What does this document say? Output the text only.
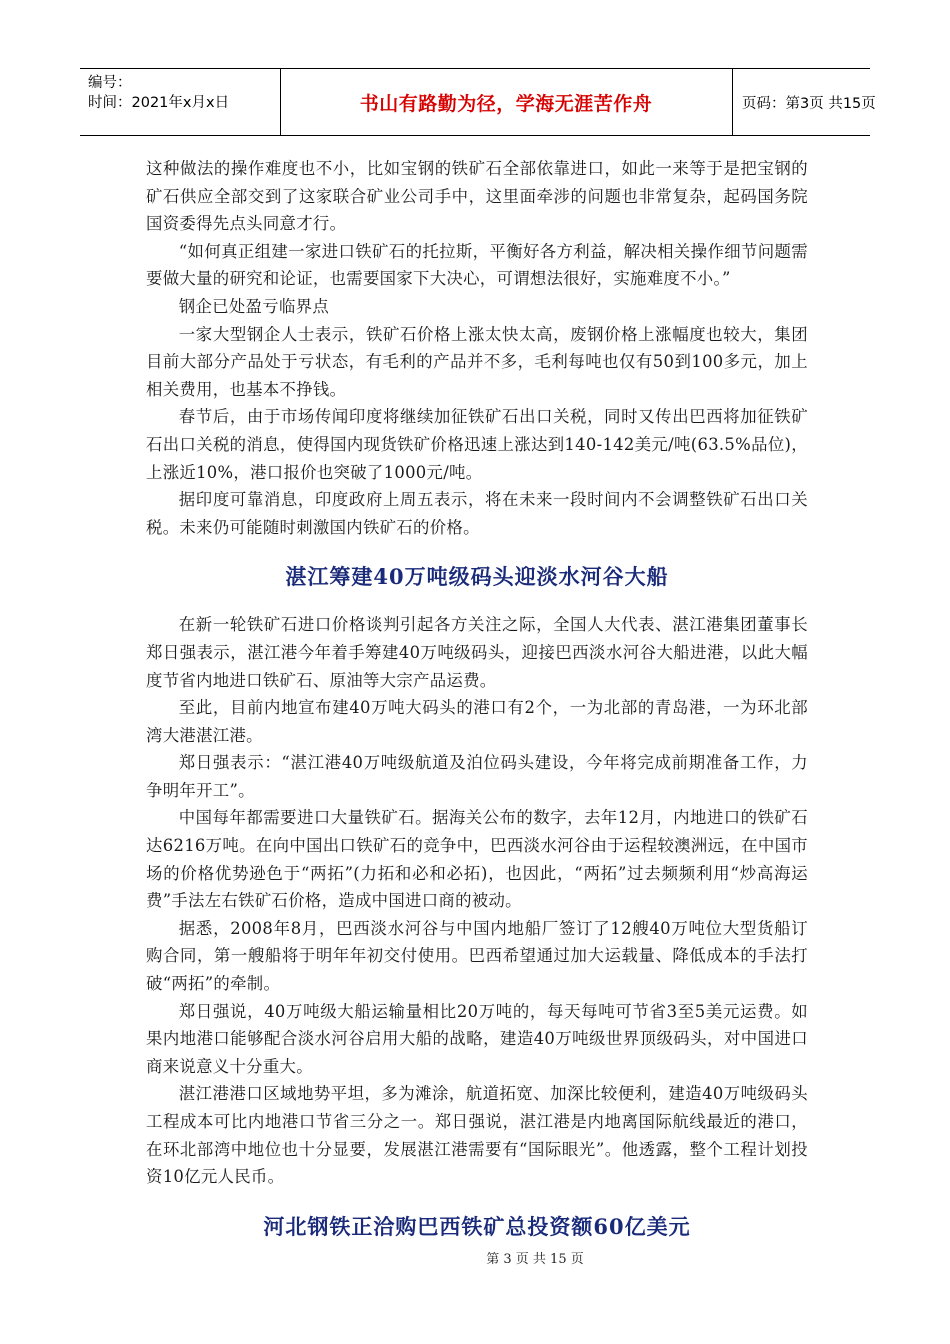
编号：
时间：2021年x月x日	书山有路勤为径，学海无涯苦作舟	页码：第3页 共15页

这种做法的操作难度也不小，比如宝钢的铁矿石全部依靠进口，如此一来等于是把宝钢的矿石供应全部交到了这家联合矿业公司手中，这里面牵涉的问题也非常复杂，起码国务院国资委得先点头同意才行。

“如何真正组建一家进口铁矿石的托拉斯，平衡好各方利益，解决相关操作细节问题需要做大量的研究和论证，也需要国家下大决心，可谓想法很好，实施难度不小。”

钢企已处盈亏临界点

一家大型钢企人士表示，铁矿石价格上涨太快太高，废钢价格上涨幅度也较大，集团目前大部分产品处于亏状态，有毛利的产品并不多，毛利每吨也仅有50到100多元，加上相关费用，也基本不挣钱。

春节后，由于市场传闻印度将继续加征铁矿石出口关税，同时又传出巴西将加征铁矿石出口关税的消息，使得国内现货铁矿价格迅速上涨达到140-142美元/吨(63.5%品位)，上涨近10%，港口报价也突破了1000元/吨。

据印度可靠消息，印度政府上周五表示，将在未来一段时间内不会调整铁矿石出口关税。未来仍可能随时刺激国内铁矿石的价格。

湛江筹建40万吨级码头迎淡水河谷大船

在新一轮铁矿石进口价格谈判引起各方关注之际，全国人大代表、湛江港集团董事长郑日强表示，湛江港今年着手筹建40万吨级码头，迎接巴西淡水河谷大船进港，以此大幅度节省内地进口铁矿石、原油等大宗产品运费。

至此，目前内地宣布建40万吨大码头的港口有2个，一为北部的青岛港，一为环北部湾大港湛江港。

郑日强表示：“湛江港40万吨级航道及泊位码头建设，今年将完成前期准备工作，力争明年开工”。

中国每年都需要进口大量铁矿石。据海关公布的数字，去年12月，内地进口的铁矿石达6216万吨。在向中国出口铁矿石的竞争中，巴西淡水河谷由于运程较澳洲远，在中国市场的价格优势逊色于“两拓”(力拓和必和必拓)，也因此，“两拓”过去频频利用“炒高海运费”手法左右铁矿石价格，造成中国进口商的被动。

据悉，2008年8月，巴西淡水河谷与中国内地船厂签订了12艘40万吨位大型货船订购合同，第一艘船将于明年年初交付使用。巴西希望通过加大运载量、降低成本的手法打破“两拓”的牵制。

郑日强说，40万吨级大船运输量相比20万吨的，每天每吨可节省3至5美元运费。如果内地港口能够配合淡水河谷启用大船的战略，建造40万吨级世界顶级码头，对中国进口商来说意义十分重大。

湛江港港口区域地势平坦，多为滩涂，航道拓宽、加深比较便利，建造40万吨级码头工程成本可比内地港口节省三分之一。郑日强说，湛江港是内地离国际航线最近的港口，在环北部湾中地位也十分显要，发展湛江港需要有“国际眼光”。他透露，整个工程计划投资10亿元人民币。

河北钢铁正洽购巴西铁矿总投资额60亿美元
第 3 页 共 15 页
